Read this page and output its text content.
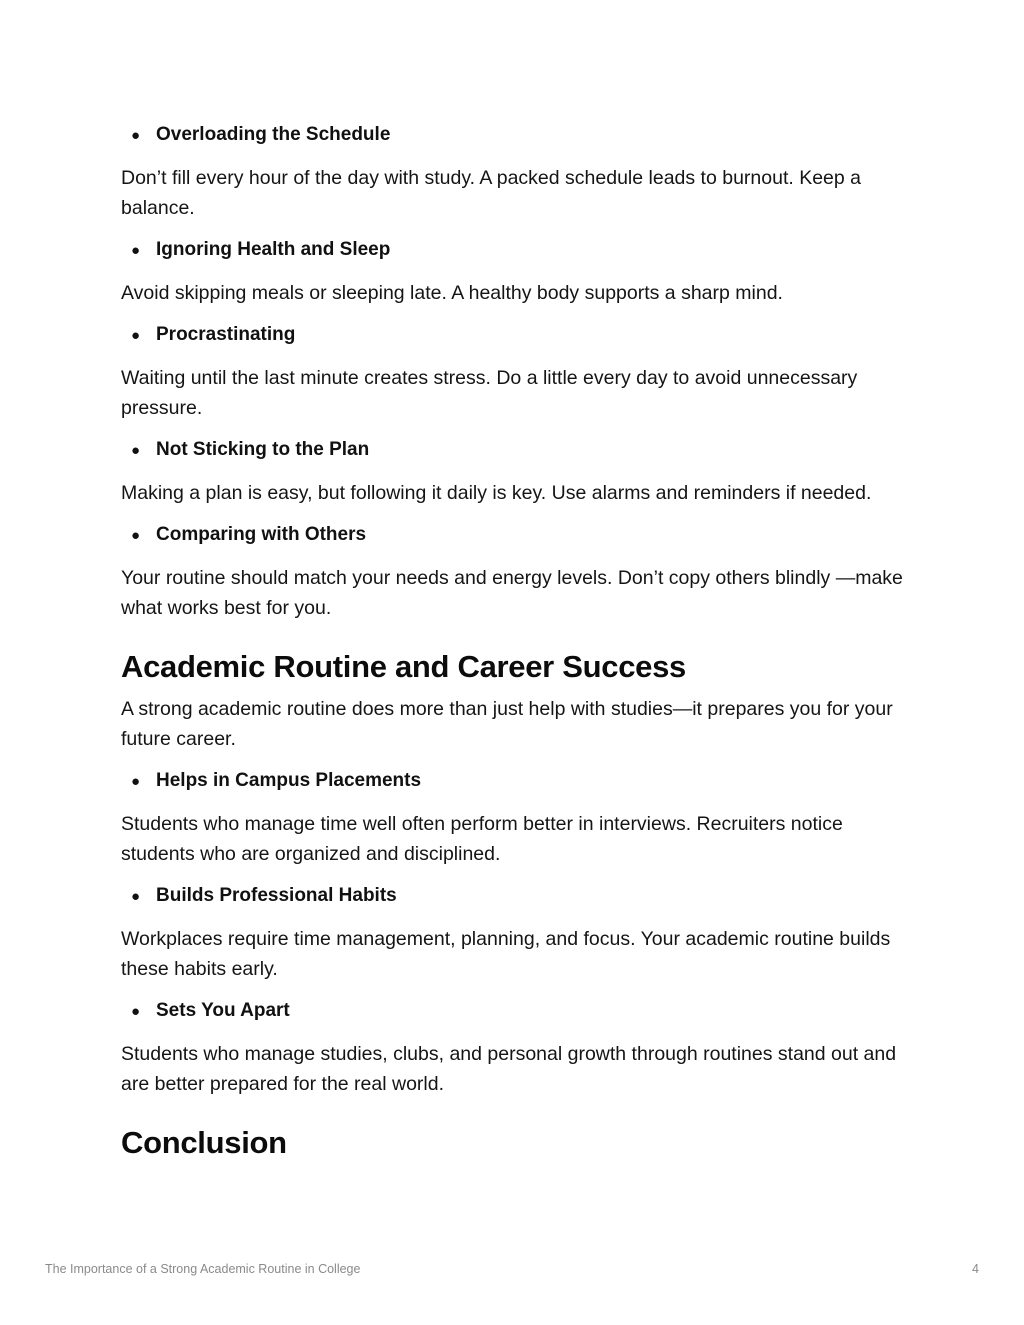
● Overloading the Schedule

Don’t fill every hour of the day with study. A packed schedule leads to burnout. Keep a balance.

● Ignoring Health and Sleep

Avoid skipping meals or sleeping late. A healthy body supports a sharp mind.

● Procrastinating

Waiting until the last minute creates stress. Do a little every day to avoid unnecessary pressure.

● Not Sticking to the Plan

Making a plan is easy, but following it daily is key. Use alarms and reminders if needed.

● Comparing with Others

Your routine should match your needs and energy levels. Don’t copy others blindly —make what works best for you.

Academic Routine and Career Success

A strong academic routine does more than just help with studies—it prepares you for your future career.

● Helps in Campus Placements

Students who manage time well often perform better in interviews. Recruiters notice students who are organized and disciplined.

● Builds Professional Habits

Workplaces require time management, planning, and focus. Your academic routine builds these habits early.

● Sets You Apart

Students who manage studies, clubs, and personal growth through routines stand out and are better prepared for the real world.

Conclusion
The Importance of a Strong Academic Routine in College	4
